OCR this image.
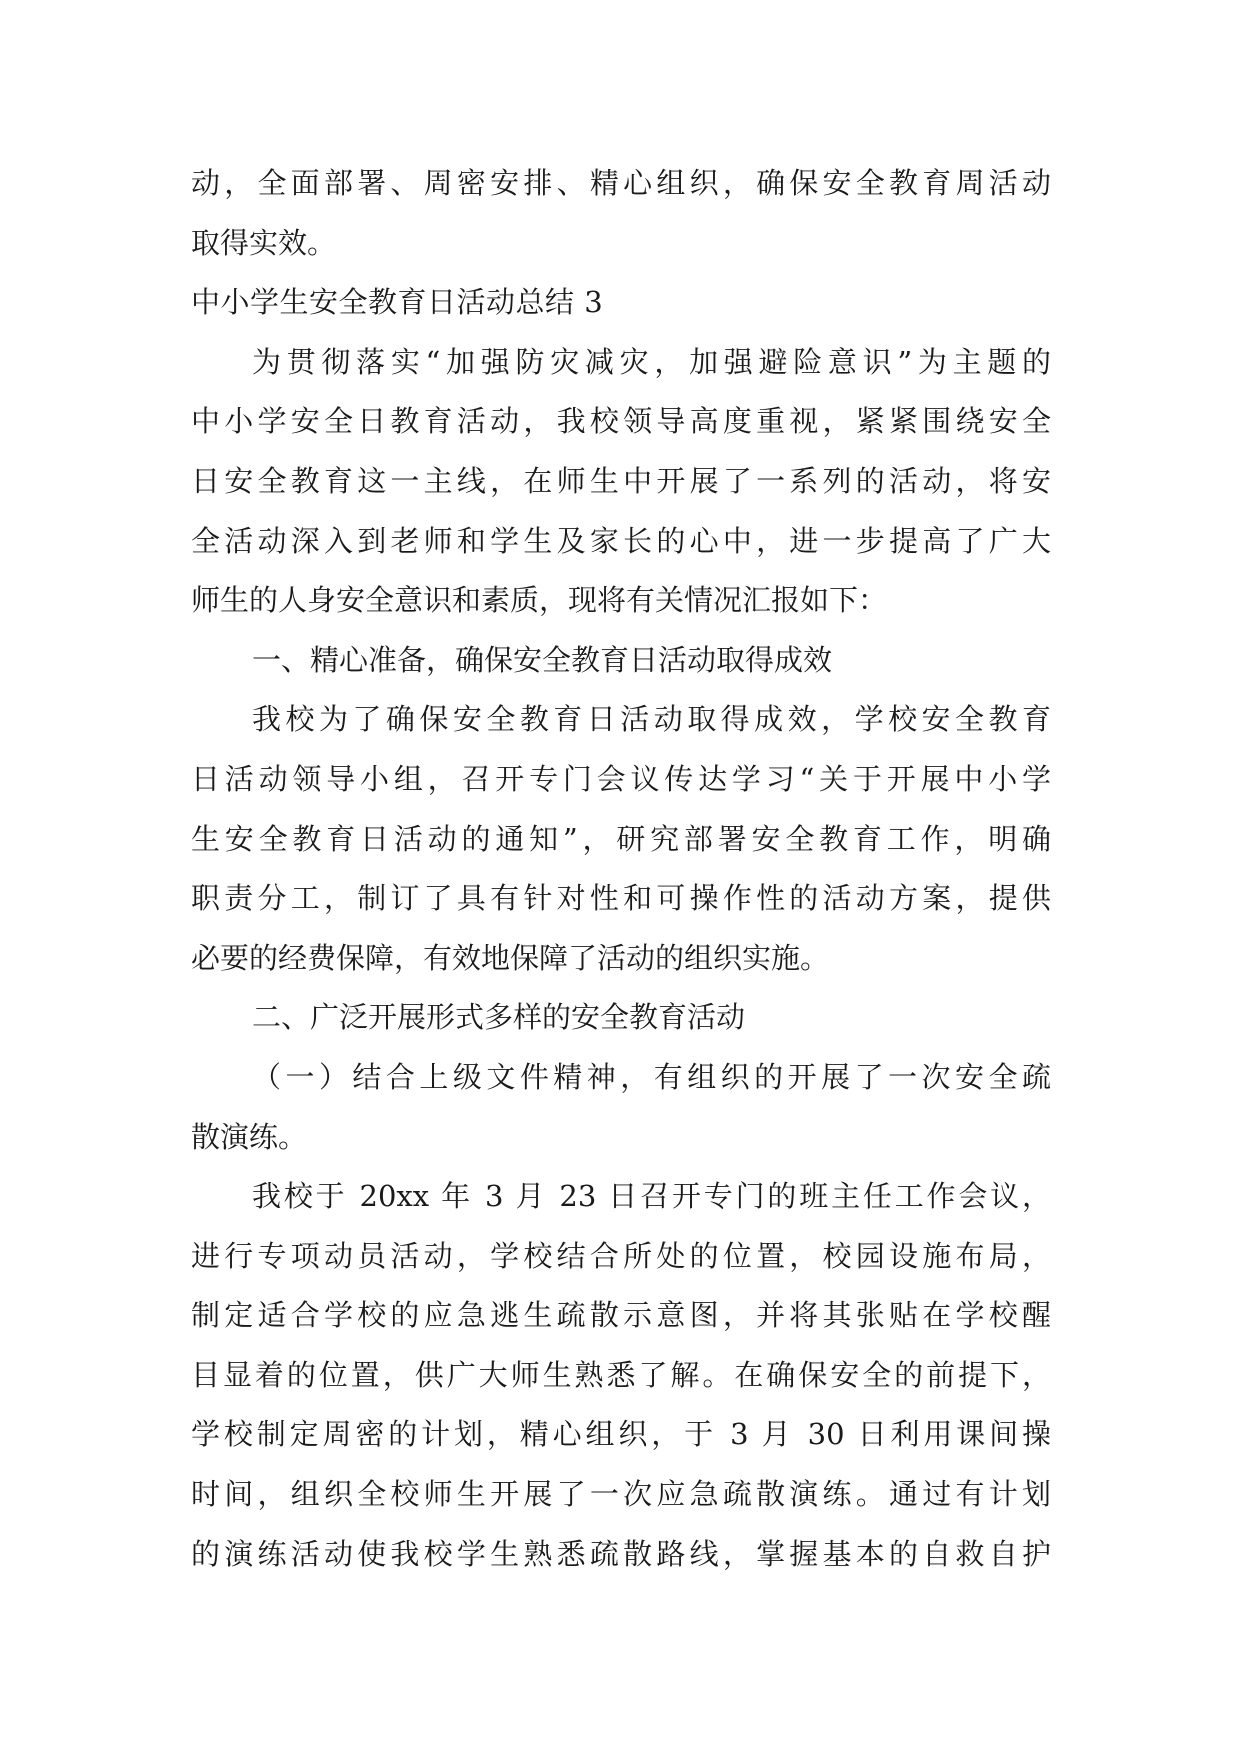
动，全面部署、周密安排、精心组织，确保安全教育周活动
取得实效。
中小学生安全教育日活动总结 3
为贯彻落实“加强防灾减灾，加强避险意识”为主题的
中小学安全日教育活动，我校领导高度重视，紧紧围绕安全
日安全教育这一主线，在师生中开展了一系列的活动，将安
全活动深入到老师和学生及家长的心中，进一步提高了广大
师生的人身安全意识和素质，现将有关情况汇报如下：
一、精心准备，确保安全教育日活动取得成效
我校为了确保安全教育日活动取得成效，学校安全教育
日活动领导小组，召开专门会议传达学习“关于开展中小学
生安全教育日活动的通知”，研究部署安全教育工作，明确
职责分工，制订了具有针对性和可操作性的活动方案，提供
必要的经费保障，有效地保障了活动的组织实施。
二、广泛开展形式多样的安全教育活动
（一）结合上级文件精神，有组织的开展了一次安全疏
散演练。
我校于 20xx 年 3 月 23 日召开专门的班主任工作会议，
进行专项动员活动，学校结合所处的位置，校园设施布局，
制定适合学校的应急逃生疏散示意图，并将其张贴在学校醒
目显着的位置，供广大师生熟悉了解。在确保安全的前提下，
学校制定周密的计划，精心组织，于 3 月 30 日利用课间操
时间，组织全校师生开展了一次应急疏散演练。通过有计划
的演练活动使我校学生熟悉疏散路线，掌握基本的自救自护
